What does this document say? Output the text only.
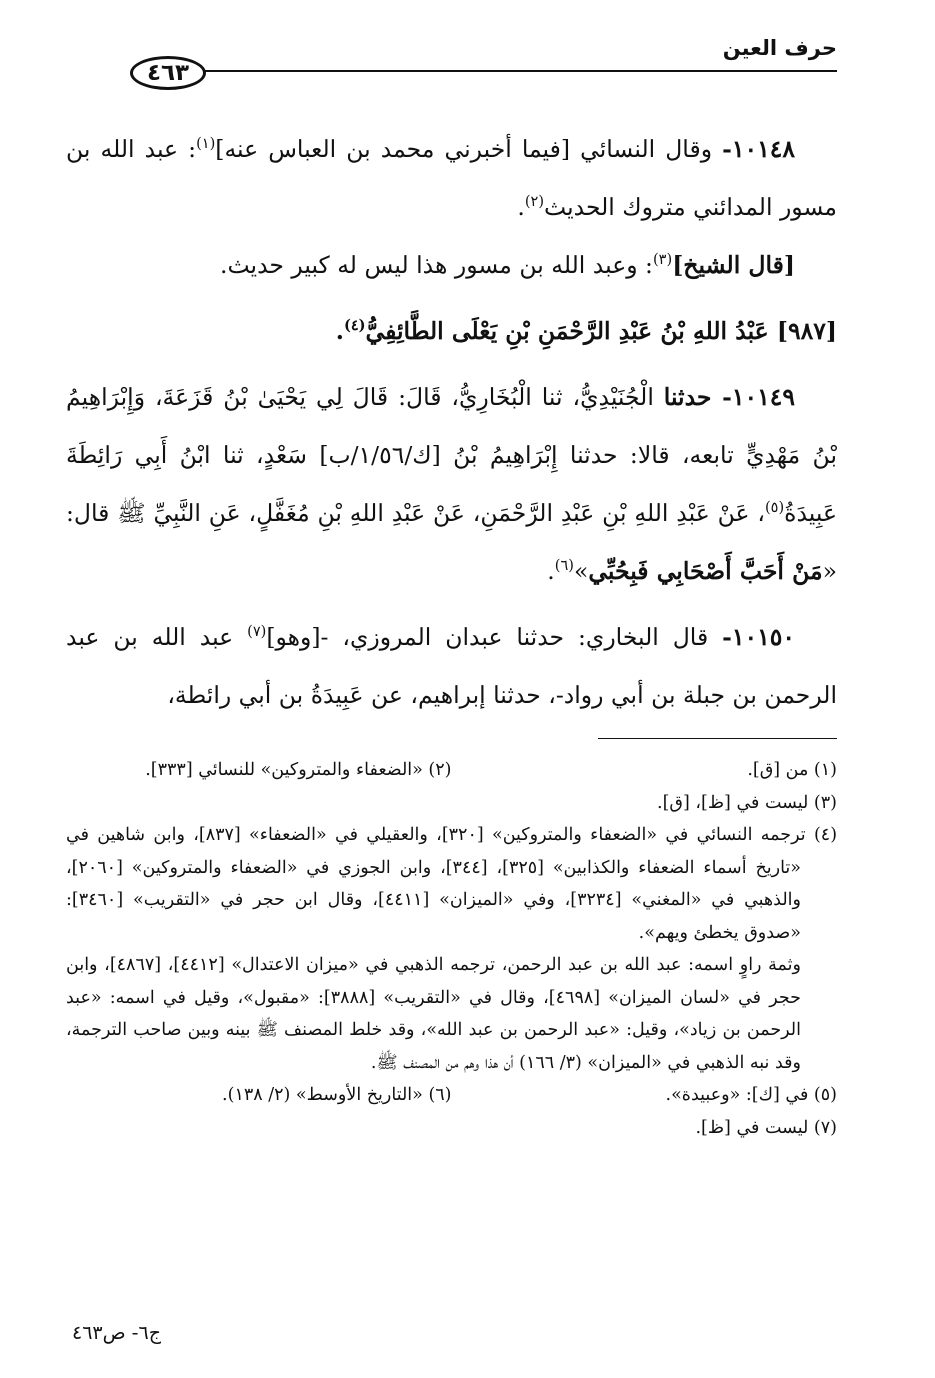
حرف العين
٤٦٣

١٠١٤٨- وقال النسائي [فيما أخبرني محمد بن العباس عنه]$^{(١)}$: عبد الله بن مسور المدائني متروك الحديث$^{(٢)}$.

[قال الشيخ]$^{(٣)}$: وعبد الله بن مسور هذا ليس له كبير حديث.

[٩٨٧] عَبْدُ اللهِ بْنُ عَبْدِ الرَّحْمَنِ بْنِ يَعْلَى الطَّائِفِيُّ$^{(٤)}$.

١٠١٤٩- حدثنا الْجُنَيْدِيُّ، ثنا الْبُخَارِيُّ، قَالَ: قَالَ لِي يَحْيَىٰ بْنُ قَزَعَةَ، وَإِبْرَاهِيمُ بْنُ مَهْدِيٍّ تابعه، قالا: حدثنا إِبْرَاهِيمُ بْنُ [ك/١/٥٦/ب] سَعْدٍ، ثنا ابْنُ أَبِي رَائِطَةَ عَبِيدَةُ$^{(٥)}$، عَنْ عَبْدِ اللهِ بْنِ عَبْدِ الرَّحْمَنِ، عَنْ عَبْدِ اللهِ بْنِ مُغَفَّلٍ، عَنِ النَّبِيِّ ﷺ قال: «مَنْ أَحَبَّ أَصْحَابِي فَبِحُبِّي»$^{(٦)}$.

١٠١٥٠- قال البخاري: حدثنا عبدان المروزي، -[وهو]$^{(٧)}$ عبد الله بن عبد الرحمن بن جبلة بن أبي رواد-، حدثنا إبراهيم، عن عَبِيدَةُ بن أبي رائطة،

(١) من [ق].
(٢) «الضعفاء والمتروكين» للنسائي [٣٣٣].

(٣) ليست في [ظ]، [ق].

(٤) ترجمه النسائي في «الضعفاء والمتروكين» [٣٢٠]، والعقيلي في «الضعفاء» [٨٣٧]، وابن شاهين في «تاريخ أسماء الضعفاء والكذابين» [٣٢٥]، [٣٤٤]، وابن الجوزي في «الضعفاء والمتروكين» [٢٠٦٠]، والذهبي في «المغني» [٣٢٣٤]، وفي «الميزان» [٤٤١١]، وقال ابن حجر في «التقريب» [٣٤٦٠]: «صدوق يخطئ ويهم».

وثمة راوٍ اسمه: عبد الله بن عبد الرحمن، ترجمه الذهبي في «ميزان الاعتدال» [٤٤١٢]، [٤٨٦٧]، وابن حجر في «لسان الميزان» [٤٦٩٨]، وقال في «التقريب» [٣٨٨٨]: «مقبول»، وقيل في اسمه: «عبد الرحمن بن زياد»، وقيل: «عبد الرحمن بن عبد الله»، وقد خلط المصنف ﷺ بينه وبين صاحب الترجمة، وقد نبه الذهبي في «الميزان» (٣/ ١٦٦) أن هذا وهم من المصنف ﷺ.

(٥) في [ك]: «وعبيدة».
(٦) «التاريخ الأوسط» (٢/ ١٣٨).

(٧) ليست في [ظ].

ج٦- ص٤٦٣
